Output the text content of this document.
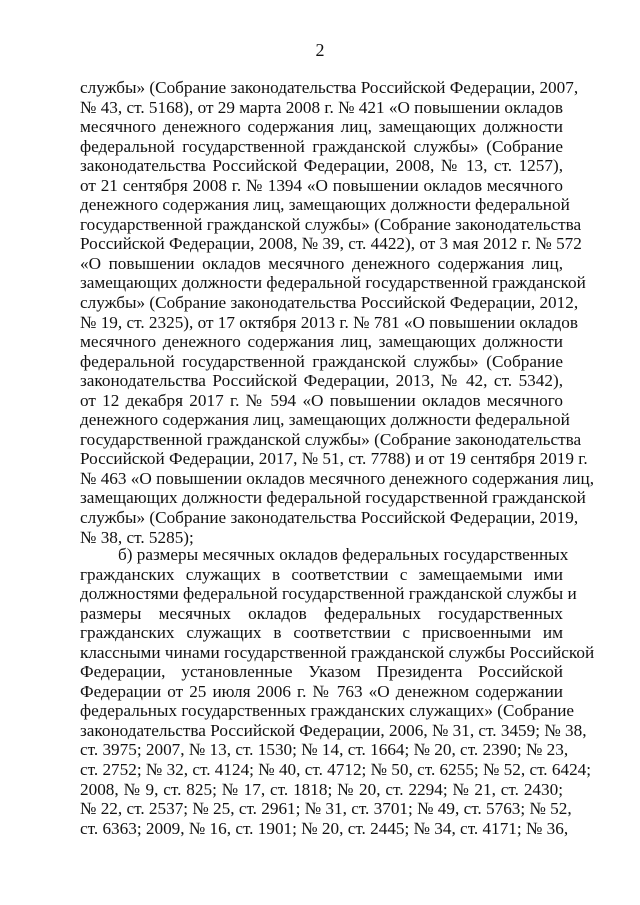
2
службы» (Собрание законодательства Российской Федерации, 2007,
№ 43, ст. 5168), от 29 марта 2008 г. № 421 «О повышении окладов
месячного денежного содержания лиц, замещающих должности
федеральной государственной гражданской службы» (Собрание
законодательства Российской Федерации, 2008, № 13, ст. 1257),
от 21 сентября 2008 г. № 1394 «О повышении окладов месячного
денежного содержания лиц, замещающих должности федеральной
государственной гражданской службы» (Собрание законодательства
Российской Федерации, 2008, № 39, ст. 4422), от 3 мая 2012 г. № 572
«О повышении окладов месячного денежного содержания лиц,
замещающих должности федеральной государственной гражданской
службы» (Собрание законодательства Российской Федерации, 2012,
№ 19, ст. 2325), от 17 октября 2013 г. № 781 «О повышении окладов
месячного денежного содержания лиц, замещающих должности
федеральной государственной гражданской службы» (Собрание
законодательства Российской Федерации, 2013, № 42, ст. 5342),
от 12 декабря 2017 г. № 594 «О повышении окладов месячного
денежного содержания лиц, замещающих должности федеральной
государственной гражданской службы» (Собрание законодательства
Российской Федерации, 2017, № 51, ст. 7788) и от 19 сентября 2019 г.
№ 463 «О повышении окладов месячного денежного содержания лиц,
замещающих должности федеральной государственной гражданской
службы» (Собрание законодательства Российской Федерации, 2019,
№ 38, ст. 5285);
б) размеры месячных окладов федеральных государственных
гражданских служащих в соответствии с замещаемыми ими
должностями федеральной государственной гражданской службы и
размеры месячных окладов федеральных государственных
гражданских служащих в соответствии с присвоенными им
классными чинами государственной гражданской службы Российской
Федерации, установленные Указом Президента Российской
Федерации от 25 июля 2006 г. № 763 «О денежном содержании
федеральных государственных гражданских служащих» (Собрание
законодательства Российской Федерации, 2006, № 31, ст. 3459; № 38,
ст. 3975; 2007, № 13, ст. 1530; № 14, ст. 1664; № 20, ст. 2390; № 23,
ст. 2752; № 32, ст. 4124; № 40, ст. 4712; № 50, ст. 6255; № 52, ст. 6424;
2008, № 9, ст. 825; № 17, ст. 1818; № 20, ст. 2294; № 21, ст. 2430;
№ 22, ст. 2537; № 25, ст. 2961; № 31, ст. 3701; № 49, ст. 5763; № 52,
ст. 6363; 2009, № 16, ст. 1901; № 20, ст. 2445; № 34, ст. 4171; № 36,
